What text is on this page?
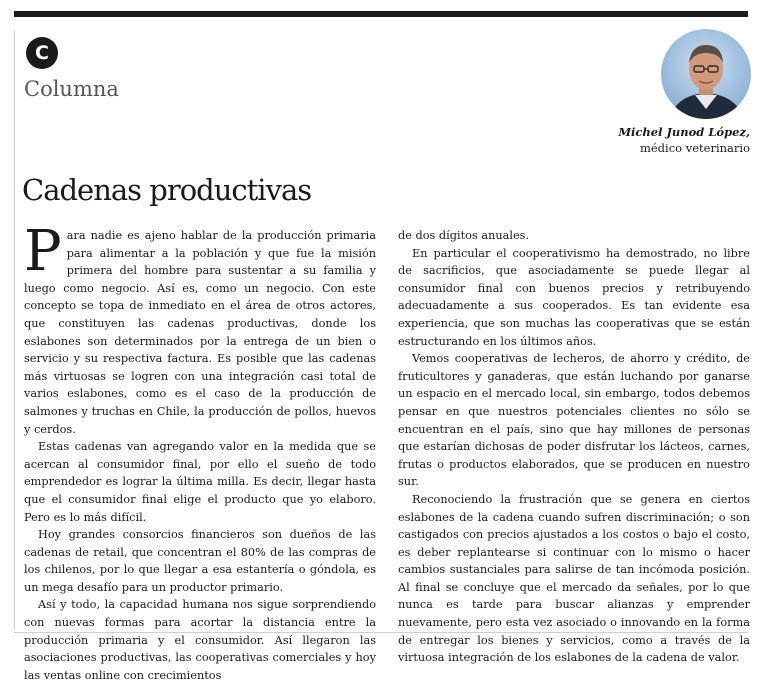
C
Columna
Michel Junod López,
médico veterinario
Cadenas productivas

Para nadie es ajeno hablar de la producción primaria para alimentar a la población y que fue la misión primera del hombre para sustentar a su familia y luego como negocio. Así es, como un negocio. Con este concepto se topa de inmediato en el área de otros actores, que constituyen las cadenas productivas, donde los eslabones son determinados por la entrega de un bien o servicio y su respectiva factura. Es posible que las cadenas más virtuosas se logren con una integración casi total de varios eslabones, como es el caso de la producción de salmones y truchas en Chile, la producción de pollos, huevos y cerdos.

Estas cadenas van agregando valor en la medida que se acercan al consumidor final, por ello el sueño de todo emprendedor es lograr la última milla. Es decir, llegar hasta que el consumidor final elige el producto que yo elaboro. Pero es lo más difícil.

Hoy grandes consorcios financieros son dueños de las cadenas de retail, que concentran el 80% de las compras de los chilenos, por lo que llegar a esa estantería o góndola, es un mega desafío para un productor primario.

Así y todo, la capacidad humana nos sigue sorprendiendo con nuevas formas para acortar la distancia entre la producción primaria y el consumidor. Así llegaron las asociaciones productivas, las cooperativas comerciales y hoy las ventas online con crecimientos

de dos dígitos anuales.

En particular el cooperativismo ha demostrado, no libre de sacrificios, que asociadamente se puede llegar al consumidor final con buenos precios y retribuyendo adecuadamente a sus cooperados. Es tan evidente esa experiencia, que son muchas las cooperativas que se están estructurando en los últimos años.

Vemos cooperativas de lecheros, de ahorro y crédito, de fruticultores y ganaderas, que están luchando por ganarse un espacio en el mercado local, sin embargo, todos debemos pensar en que nuestros potenciales clientes no sólo se encuentran en el país, sino que hay millones de personas que estarían dichosas de poder disfrutar los lácteos, carnes, frutas o productos elaborados, que se producen en nuestro sur.

Reconociendo la frustración que se genera en ciertos eslabones de la cadena cuando sufren discriminación; o son castigados con precios ajustados a los costos o bajo el costo, es deber replantearse si continuar con lo mismo o hacer cambios sustanciales para salirse de tan incómoda posición. Al final se concluye que el mercado da señales, por lo que nunca es tarde para buscar alianzas y emprender nuevamente, pero esta vez asociado o innovando en la forma de entregar los bienes y servicios, como a través de la virtuosa integración de los eslabones de la cadena de valor.
